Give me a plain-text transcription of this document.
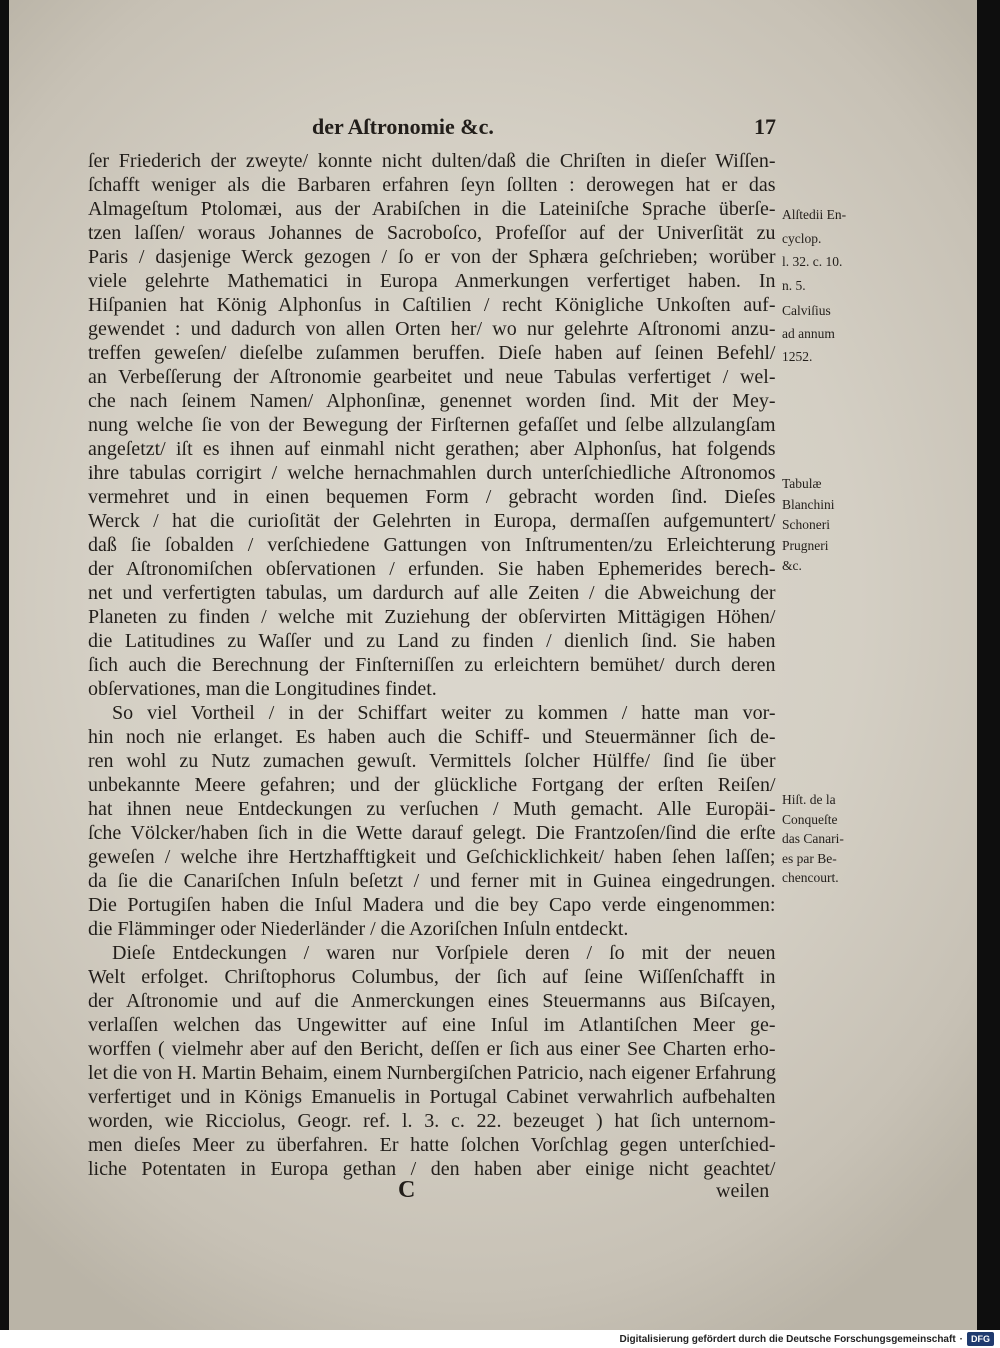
der Aſtronomie &c.	17
ſer Friederich der zweyte/ konnte nicht dulten/daß die Chriſten in dieſer Wiſſen-
ſchafft weniger als die Barbaren erfahren ſeyn ſollten : derowegen hat er das
Almageſtum Ptolomæi, aus der Arabiſchen in die Lateiniſche Sprache überſe-
tzen laſſen/ woraus Johannes de Sacroboſco, Profeſſor auf der Univerſität zu
Paris / dasjenige Werck gezogen / ſo er von der Sphæra geſchrieben; worüber
viele gelehrte Mathematici in Europa Anmerkungen verfertiget haben. In
Hiſpanien hat König Alphonſus in Caſtilien / recht Königliche Unkoſten auf-
gewendet : und dadurch von allen Orten her/ wo nur gelehrte Aſtronomi anzu-
treffen geweſen/ dieſelbe zuſammen beruffen. Dieſe haben auf ſeinen Befehl/
an Verbeſſerung der Aſtronomie gearbeitet und neue Tabulas verfertiget / wel-
che nach ſeinem Namen/ Alphonſinæ, genennet worden ſind. Mit der Mey-
nung welche ſie von der Bewegung der Firſternen gefaſſet und ſelbe allzulangſam
angeſetzt/ iſt es ihnen auf einmahl nicht gerathen; aber Alphonſus, hat folgends
ihre tabulas corrigirt / welche hernachmahlen durch unterſchiedliche Aſtronomos
vermehret und in einen bequemen Form / gebracht worden ſind. Dieſes
Werck / hat die curioſität der Gelehrten in Europa, dermaſſen aufgemuntert/
daß ſie ſobalden / verſchiedene Gattungen von Inſtrumenten/zu Erleichterung
der Aſtronomiſchen obſervationen / erfunden. Sie haben Ephemerides berech-
net und verfertigten tabulas, um dardurch auf alle Zeiten / die Abweichung der
Planeten zu finden / welche mit Zuziehung der obſervirten Mittägigen Höhen/
die Latitudines zu Waſſer und zu Land zu finden / dienlich ſind. Sie haben
ſich auch die Berechnung der Finſterniſſen zu erleichtern bemühet/ durch deren
obſervationes, man die Longitudines findet.
So viel Vortheil / in der Schiffart weiter zu kommen / hatte man vor-
hin noch nie erlanget. Es haben auch die Schiff- und Steuermänner ſich de-
ren wohl zu Nutz zumachen gewuſt. Vermittels ſolcher Hülffe/ ſind ſie über
unbekannte Meere gefahren; und der glückliche Fortgang der erſten Reiſen/
hat ihnen neue Entdeckungen zu verſuchen / Muth gemacht. Alle Europäi-
ſche Völcker/haben ſich in die Wette darauf gelegt. Die Frantzoſen/ſind die erſte
geweſen / welche ihre Hertzhafftigkeit und Geſchicklichkeit/ haben ſehen laſſen;
da ſie die Canariſchen Inſuln beſetzt / und ferner mit in Guinea eingedrungen.
Die Portugiſen haben die Inſul Madera und die bey Capo verde eingenommen:
die Flämminger oder Niederländer / die Azoriſchen Inſuln entdeckt.
Dieſe Entdeckungen / waren nur Vorſpiele deren / ſo mit der neuen
Welt erfolget. Chriſtophorus Columbus, der ſich auf ſeine Wiſſenſchafft in
der Aſtronomie und auf die Anmerckungen eines Steuermanns aus Biſcayen,
verlaſſen welchen das Ungewitter auf eine Inſul im Atlantiſchen Meer ge-
worffen ( vielmehr aber auf den Bericht, deſſen er ſich aus einer See Charten erho-
let die von H. Martin Behaim, einem Nurnbergiſchen Patricio, nach eigener Erfahrung
verfertiget und in Königs Emanuelis in Portugal Cabinet verwahrlich aufbehalten
worden, wie Ricciolus, Geogr. ref. l. 3. c. 22. bezeuget ) hat ſich unternom-
men dieſes Meer zu überfahren. Er hatte ſolchen Vorſchlag gegen unterſchied-
liche Potentaten in Europa gethan / den haben aber einige nicht geachtet/
Alſtedii En-
cyclop.
l. 32. c. 10.
n. 5.
Calviſius
ad annum
1252.
Tabulæ
Blanchini
Schoneri
Prugneri
&c.
Hiſt. de la
Conqueſte
das Canari-
es par Be-
chencourt.
C	weilen
Digitalisierung gefördert durch die Deutsche Forschungsgemeinschaft · DFG
